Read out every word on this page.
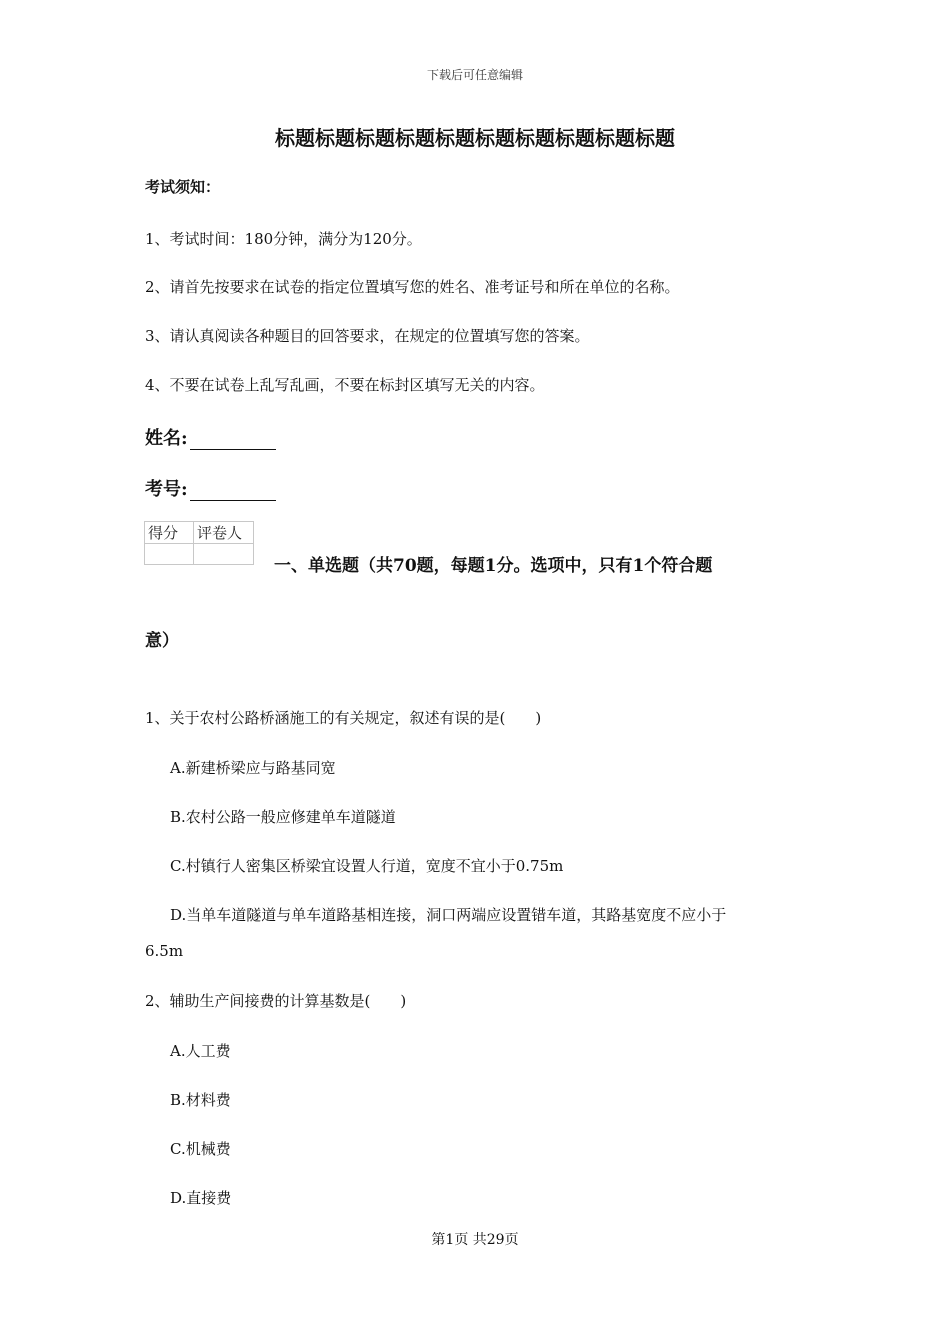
下载后可任意编辑
标题标题标题标题标题标题标题标题标题标题
考试须知：
1、考试时间：180分钟，满分为120分。
2、请首先按要求在试卷的指定位置填写您的姓名、准考证号和所在单位的名称。
3、请认真阅读各种题目的回答要求，在规定的位置填写您的答案。
4、不要在试卷上乱写乱画，不要在标封区填写无关的内容。
姓名:
考号:
得分	评卷人

一、单选题（共70题，每题1分。选项中，只有1个符合题
意）
1、关于农村公路桥涵施工的有关规定，叙述有误的是(　　)
A.新建桥梁应与路基同宽
B.农村公路一般应修建单车道隧道
C.村镇行人密集区桥梁宜设置人行道，宽度不宜小于0.75m
D.当单车道隧道与单车道路基相连接，洞口两端应设置错车道，其路基宽度不应小于
6.5m
2、辅助生产间接费的计算基数是(　　)
A.人工费
B.材料费
C.机械费
D.直接费
第1页 共29页
